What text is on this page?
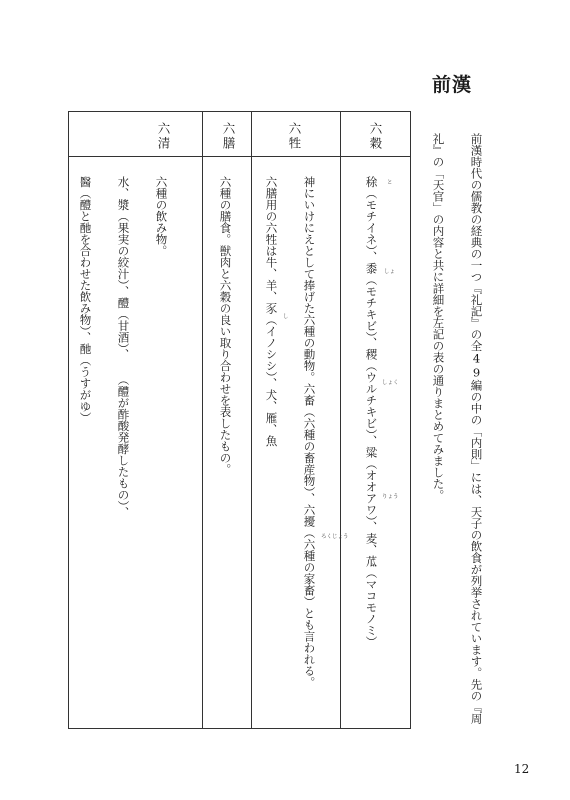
前漢
前漢時代の儒教の経典の一つ『礼記』の全49編の中の「内則」には、天子の飲食が列挙されています。先の『周
礼』の「天官」の内容と共に詳細を左記の表の通りまとめてみました。
六穀
六牲
六膳
六清
稌（モチイネ）、黍（モチキビ）、稷（ウルチキビ）、粱（オオアワ）、麦、苽（マコモノミ） と
しょ
しょく
りょう
神にいけにえとして捧げた六種の動物。六畜（六種の畜産物）、六擾（六種の家畜）とも言われる。
六膳用の六牲は牛、羊、豕（イノシシ）、犬、雁、魚
ろくじょう
し
六種の膳食。獣肉と六穀の良い取り合わせを表したもの。
六種の飲み物。
水、漿（果実の絞汁）、醴（甘酒）、 （醴が酢酸発酵したもの）、
醫（醴と酏を合わせた飲み物）、酏（うすがゆ）
12
